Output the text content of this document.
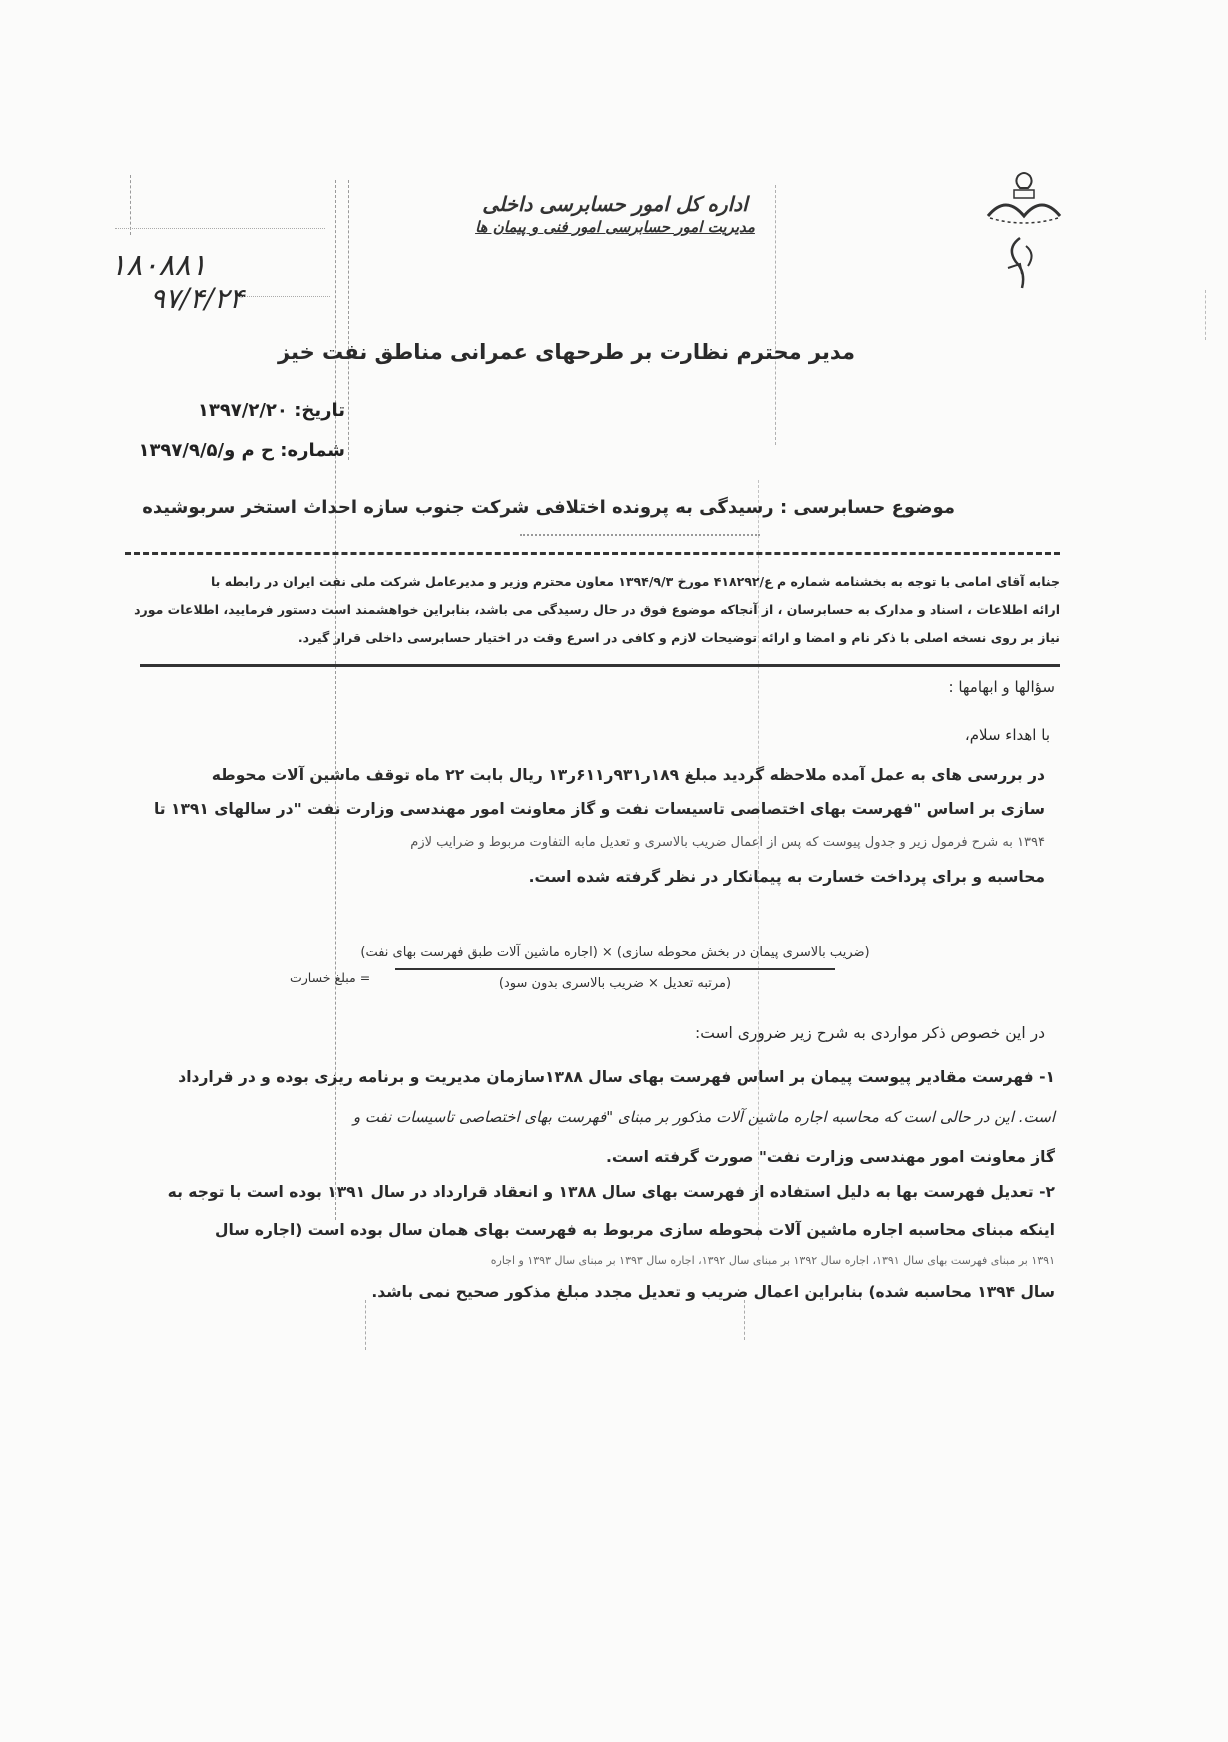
اداره کل امور حسابرسی داخلی
مدیریت امور حسابرسی امور فنی و پیمان ها
۱۸۰۸۸۱
۹۷/۴/۲۴
مدیر محترم نظارت بر طرحهای عمرانی مناطق نفت خیز
تاریخ: ۱۳۹۷/۲/۲۰
شماره: ح م و/۱۳۹۷/۹/۵
موضوع حسابرسی : رسیدگی به پرونده اختلافی شرکت جنوب سازه احداث استخر سربوشیده
جنابه آقای امامی با توجه به بخشنامه شماره م ع/۴۱۸۲۹۲ مورخ ۱۳۹۴/۹/۳ معاون محترم وزیر و مدیرعامل شرکت ملی نفت ایران در رابطه با
ارائه اطلاعات ، اسناد و مدارک به حسابرسان ، از آنجاکه موضوع فوق در حال رسیدگی می باشد، بنابراین خواهشمند است دستور فرمایید، اطلاعات مورد
نیاز بر روی نسخه اصلی با ذکر نام و امضا و ارائه توضیحات لازم و کافی در اسرع وقت در اختیار حسابرسی داخلی قرار گیرد.
سؤالها و ابهامها :
با اهداء سلام،
در بررسی های به عمل آمده ملاحظه گردید مبلغ ۱۸۹ر۹۳۱ر۶۱۱ر۱۳ ریال بابت ۲۲ ماه توقف ماشین آلات محوطه
سازی بر اساس "فهرست بهای اختصاصی تاسیسات نفت و گاز معاونت امور مهندسی وزارت نفت "در سالهای ۱۳۹۱ تا
۱۳۹۴ به شرح فرمول زیر و جدول پیوست که پس از اعمال ضریب بالاسری و تعدیل مابه التفاوت مربوط و ضرایب لازم
محاسبه و برای پرداخت خسارت به پیمانکار در نظر گرفته شده است.
(ضریب بالاسری پیمان در بخش محوطه سازی) × (اجاره ماشین آلات طبق فهرست بهای نفت)
(مرتبه تعدیل × ضریب بالاسری بدون سود)
= مبلغ خسارت
در این خصوص ذکر مواردی به شرح زیر ضروری است:
۱- فهرست مقادیر پیوست پیمان بر اساس فهرست بهای سال ۱۳۸۸سازمان مدیریت و برنامه ریزی بوده و در قرارداد
است. این در حالی است که محاسبه اجاره ماشین آلات مذکور بر مبنای "فهرست بهای اختصاصی تاسیسات نفت و
گاز معاونت امور مهندسی وزارت نفت" صورت گرفته است.
۲- تعدیل فهرست بها به دلیل استفاده از فهرست بهای سال ۱۳۸۸ و انعقاد قرارداد در سال ۱۳۹۱ بوده است با توجه به
اینکه مبنای محاسبه اجاره ماشین آلات محوطه سازی مربوط به فهرست بهای همان سال بوده است (اجاره سال
۱۳۹۱ بر مبنای فهرست بهای سال ۱۳۹۱، اجاره سال ۱۳۹۲ بر مبنای سال ۱۳۹۲، اجاره سال ۱۳۹۳ بر مبنای سال ۱۳۹۳ و اجاره
سال ۱۳۹۴ محاسبه شده) بنابراین اعمال ضریب و تعدیل مجدد مبلغ مذکور صحیح نمی باشد.
